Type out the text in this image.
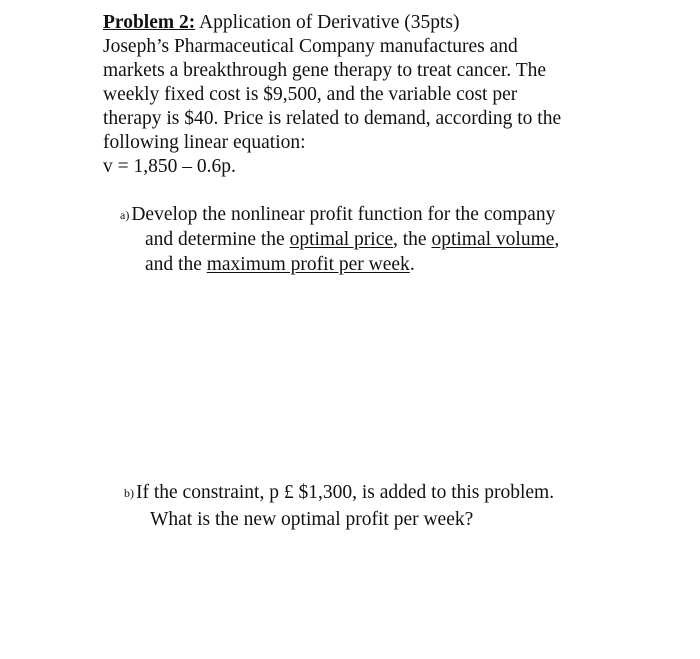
Problem 2: Application of Derivative (35pts)
Joseph’s Pharmaceutical Company manufactures and
markets a breakthrough gene therapy to treat cancer. The
weekly fixed cost is $9,500, and the variable cost per
therapy is $40. Price is related to demand, according to the
following linear equation:
v = 1,850 – 0.6p.
a) Develop the nonlinear profit function for the company
and determine the optimal price, the optimal volume,
and the maximum profit per week.
b) If the constraint, p £ $1,300, is added to this problem.
What is the new optimal profit per week?
